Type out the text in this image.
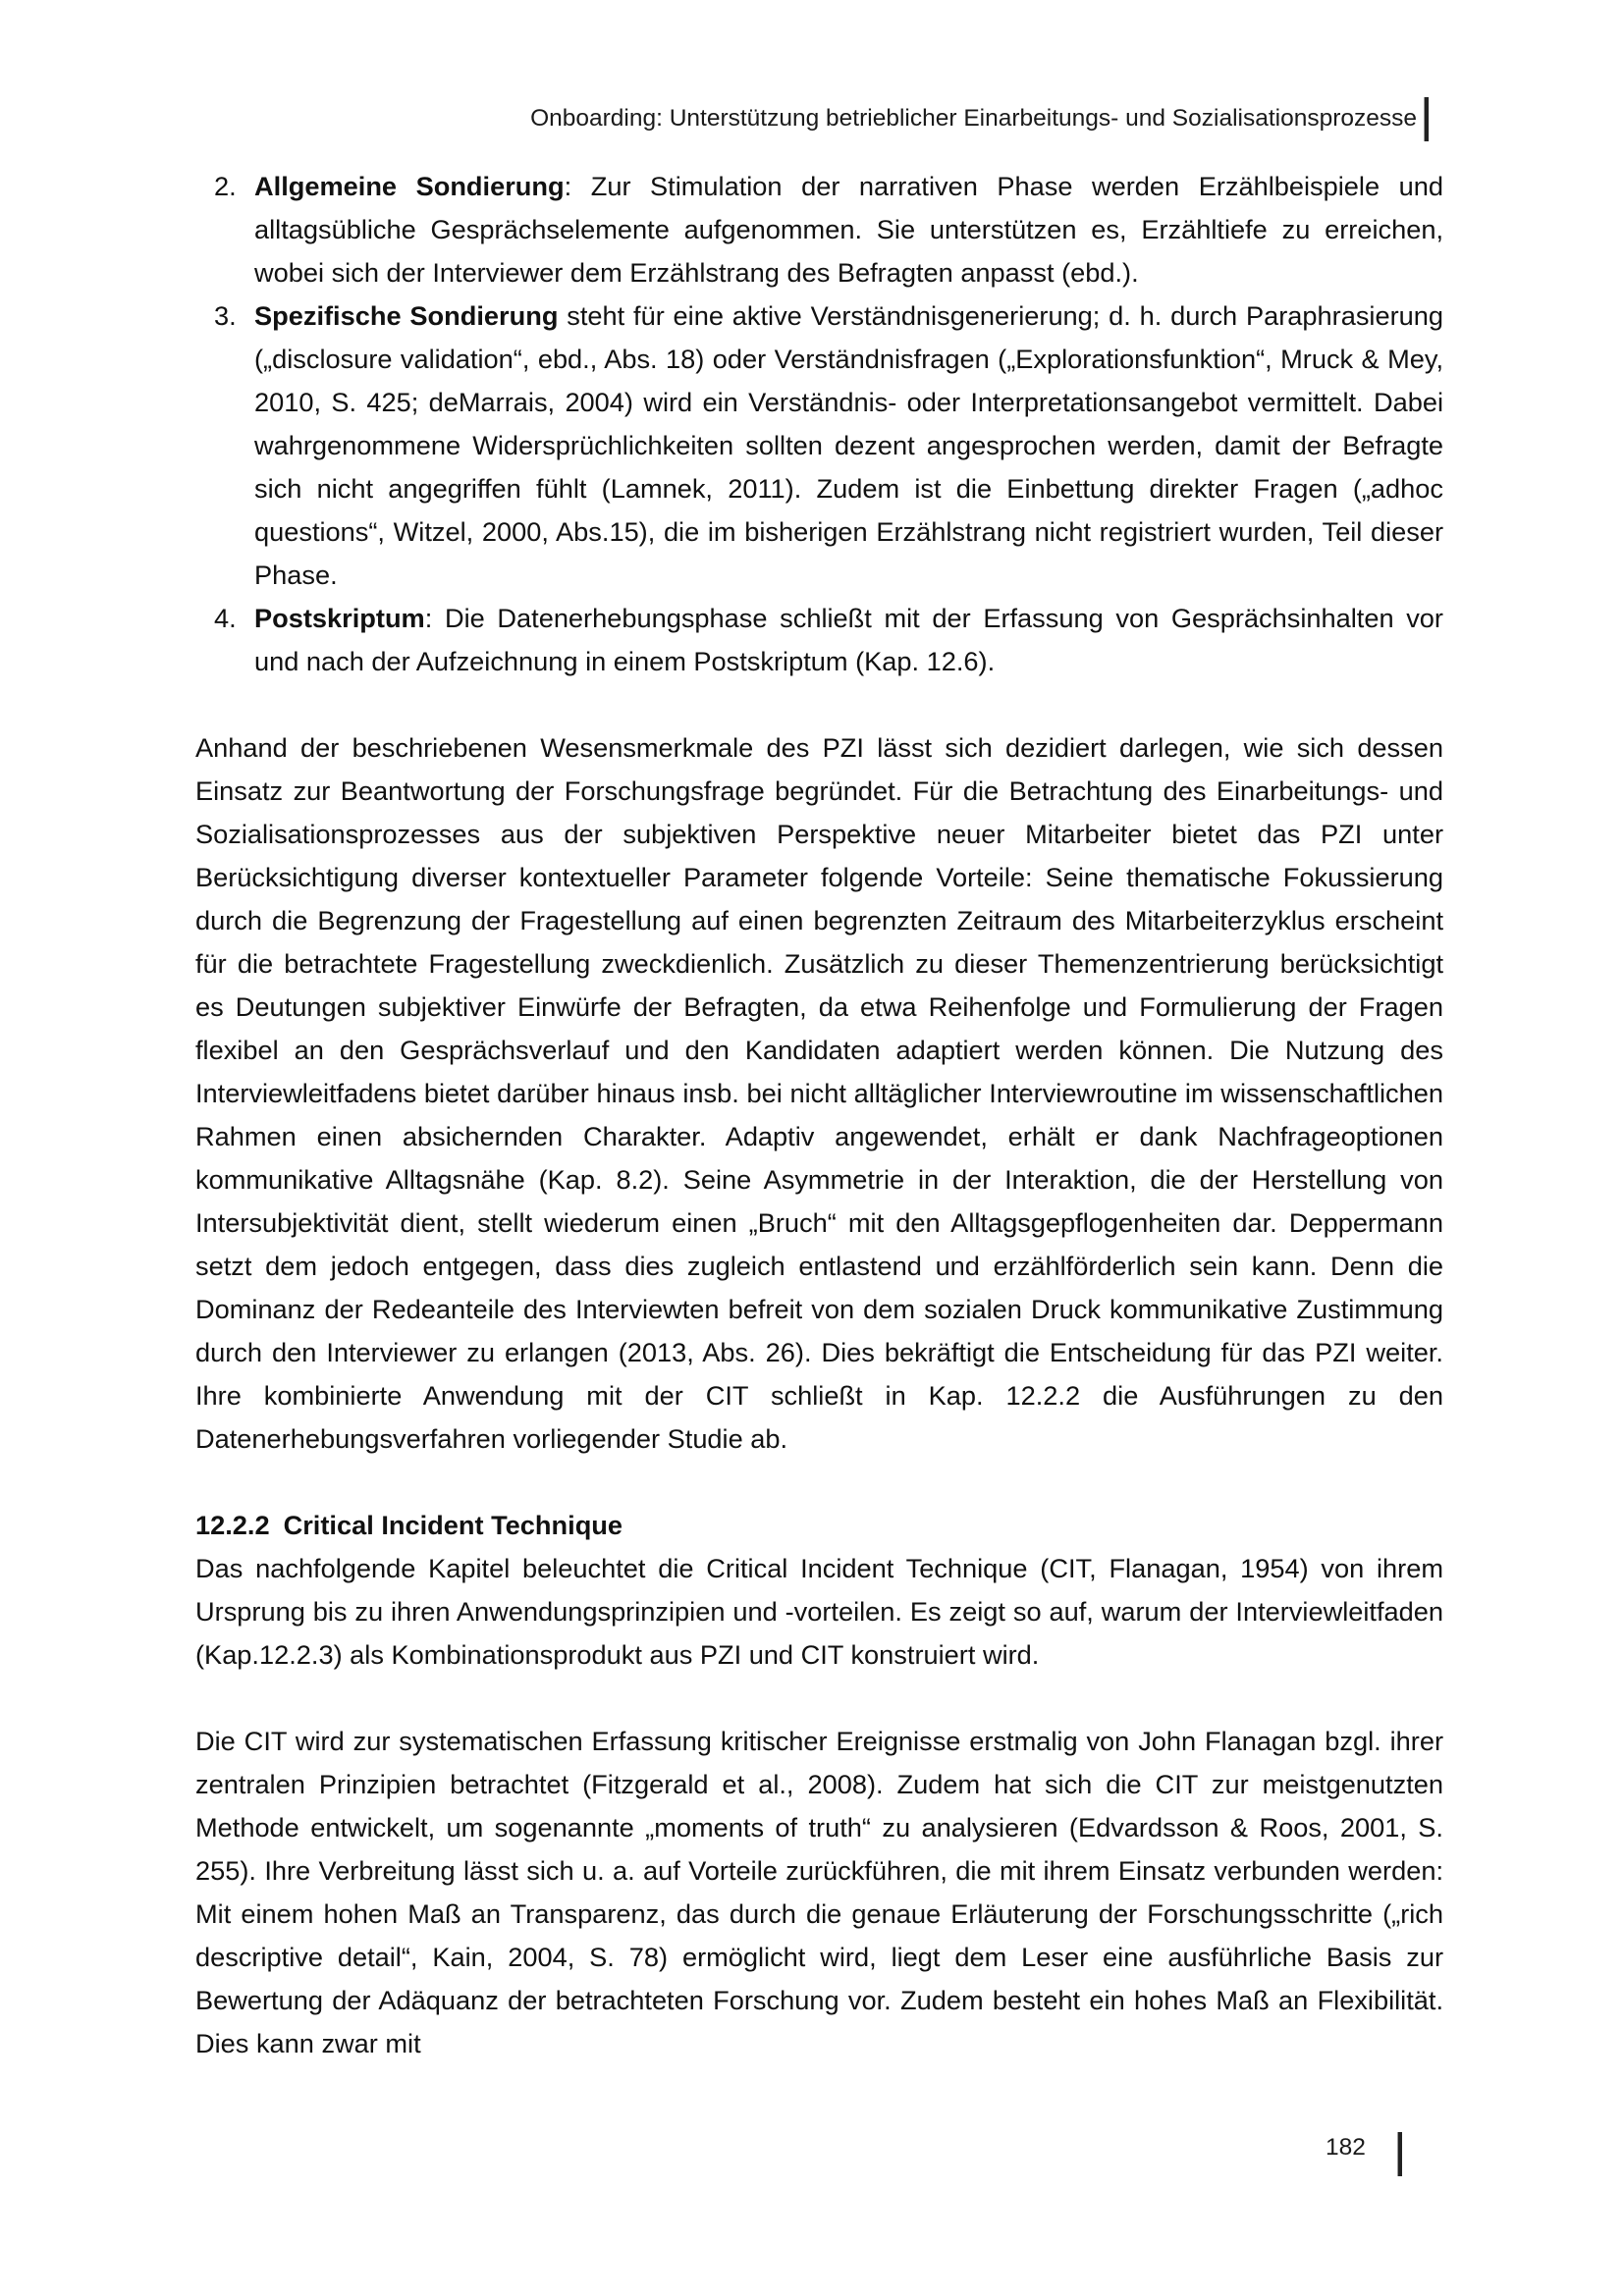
Onboarding: Unterstützung betrieblicher Einarbeitungs- und Sozialisationsprozesse
2. Allgemeine Sondierung: Zur Stimulation der narrativen Phase werden Erzählbeispiele und alltagsübliche Gesprächselemente aufgenommen. Sie unterstützen es, Erzähltiefe zu erreichen, wobei sich der Interviewer dem Erzählstrang des Befragten anpasst (ebd.).
3. Spezifische Sondierung steht für eine aktive Verständnisgenerierung; d. h. durch Paraphrasierung („disclosure validation“, ebd., Abs. 18) oder Verständnisfragen („Explorationsfunktion“, Mruck & Mey, 2010, S. 425; deMarrais, 2004) wird ein Verständnis- oder Interpretationsangebot vermittelt. Dabei wahrgenommene Widersprüchlichkeiten sollten dezent angesprochen werden, damit der Befragte sich nicht angegriffen fühlt (Lamnek, 2011). Zudem ist die Einbettung direkter Fragen („adhoc questions“, Witzel, 2000, Abs.15), die im bisherigen Erzählstrang nicht registriert wurden, Teil dieser Phase.
4. Postskriptum: Die Datenerhebungsphase schließt mit der Erfassung von Gesprächsinhalten vor und nach der Aufzeichnung in einem Postskriptum (Kap. 12.6).

Anhand der beschriebenen Wesensmerkmale des PZI lässt sich dezidiert darlegen, wie sich dessen Einsatz zur Beantwortung der Forschungsfrage begründet. Für die Betrachtung des Einarbeitungs- und Sozialisationsprozesses aus der subjektiven Perspektive neuer Mitarbeiter bietet das PZI unter Berücksichtigung diverser kontextueller Parameter folgende Vorteile: Seine thematische Fokussierung durch die Begrenzung der Fragestellung auf einen begrenzten Zeitraum des Mitarbeiterzyklus erscheint für die betrachtete Fragestellung zweckdienlich. Zusätzlich zu dieser Themenzentrierung berücksichtigt es Deutungen subjektiver Einwürfe der Befragten, da etwa Reihenfolge und Formulierung der Fragen flexibel an den Gesprächsverlauf und den Kandidaten adaptiert werden können. Die Nutzung des Interviewleitfadens bietet darüber hinaus insb. bei nicht alltäglicher Interviewroutine im wissenschaftlichen Rahmen einen absichernden Charakter. Adaptiv angewendet, erhält er dank Nachfrageoptionen kommunikative Alltagsnähe (Kap. 8.2). Seine Asymmetrie in der Interaktion, die der Herstellung von Intersubjektivität dient, stellt wiederum einen „Bruch“ mit den Alltagsgepflogenheiten dar. Deppermann setzt dem jedoch entgegen, dass dies zugleich entlastend und erzählförderlich sein kann. Denn die Dominanz der Redeanteile des Interviewten befreit von dem sozialen Druck kommunikative Zustimmung durch den Interviewer zu erlangen (2013, Abs. 26). Dies bekräftigt die Entscheidung für das PZI weiter. Ihre kombinierte Anwendung mit der CIT schließt in Kap. 12.2.2 die Ausführungen zu den Datenerhebungsverfahren vorliegender Studie ab.

12.2.2 Critical Incident Technique

Das nachfolgende Kapitel beleuchtet die Critical Incident Technique (CIT, Flanagan, 1954) von ihrem Ursprung bis zu ihren Anwendungsprinzipien und -vorteilen. Es zeigt so auf, warum der Interviewleitfaden (Kap.12.2.3) als Kombinationsprodukt aus PZI und CIT konstruiert wird.

Die CIT wird zur systematischen Erfassung kritischer Ereignisse erstmalig von John Flanagan bzgl. ihrer zentralen Prinzipien betrachtet (Fitzgerald et al., 2008). Zudem hat sich die CIT zur meistgenutzten Methode entwickelt, um sogenannte „moments of truth“ zu analysieren (Edvardsson & Roos, 2001, S. 255). Ihre Verbreitung lässt sich u. a. auf Vorteile zurückführen, die mit ihrem Einsatz verbunden werden: Mit einem hohen Maß an Transparenz, das durch die genaue Erläuterung der Forschungsschritte („rich descriptive detail“, Kain, 2004, S. 78) ermöglicht wird, liegt dem Leser eine ausführliche Basis zur Bewertung der Adäquanz der betrachteten Forschung vor. Zudem besteht ein hohes Maß an Flexibilität. Dies kann zwar mit

182
